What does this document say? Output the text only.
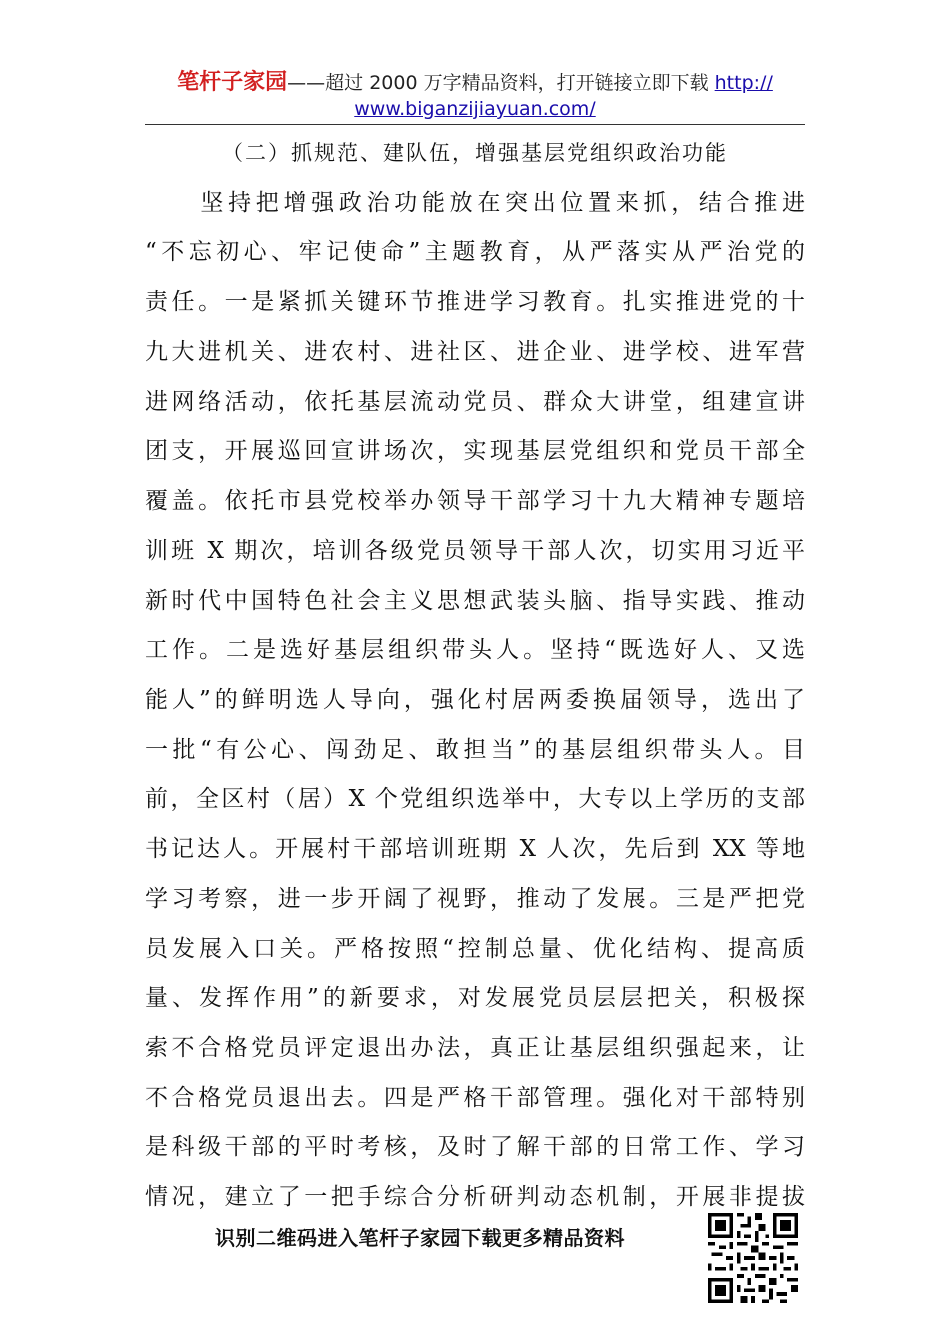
笔杆子家园——超过 2000 万字精品资料，打开链接立即下载 http://
www.biganzijiayuan.com/
（二）抓规范、建队伍，增强基层党组织政治功能
　　坚持把增强政治功能放在突出位置来抓，结合推进
“不忘初心、牢记使命”主题教育，从严落实从严治党的
责任。一是紧抓关键环节推进学习教育。扎实推进党的十
九大进机关、进农村、进社区、进企业、进学校、进军营
进网络活动，依托基层流动党员、群众大讲堂，组建宣讲
团支，开展巡回宣讲场次，实现基层党组织和党员干部全
覆盖。依托市县党校举办领导干部学习十九大精神专题培
训班 X 期次，培训各级党员领导干部人次，切实用习近平
新时代中国特色社会主义思想武装头脑、指导实践、推动
工作。二是选好基层组织带头人。坚持“既选好人、又选
能人”的鲜明选人导向，强化村居两委换届领导，选出了
一批“有公心、闯劲足、敢担当”的基层组织带头人。目
前，全区村（居）X 个党组织选举中，大专以上学历的支部
书记达人。开展村干部培训班期 X 人次，先后到 XX 等地
学习考察，进一步开阔了视野，推动了发展。三是严把党
员发展入口关。严格按照“控制总量、优化结构、提高质
量、发挥作用”的新要求，对发展党员层层把关，积极探
索不合格党员评定退出办法，真正让基层组织强起来，让
不合格党员退出去。四是严格干部管理。强化对干部特别
是科级干部的平时考核，及时了解干部的日常工作、学习
情况，建立了一把手综合分析研判动态机制，开展非提拔
识别二维码进入笔杆子家园下载更多精品资料
